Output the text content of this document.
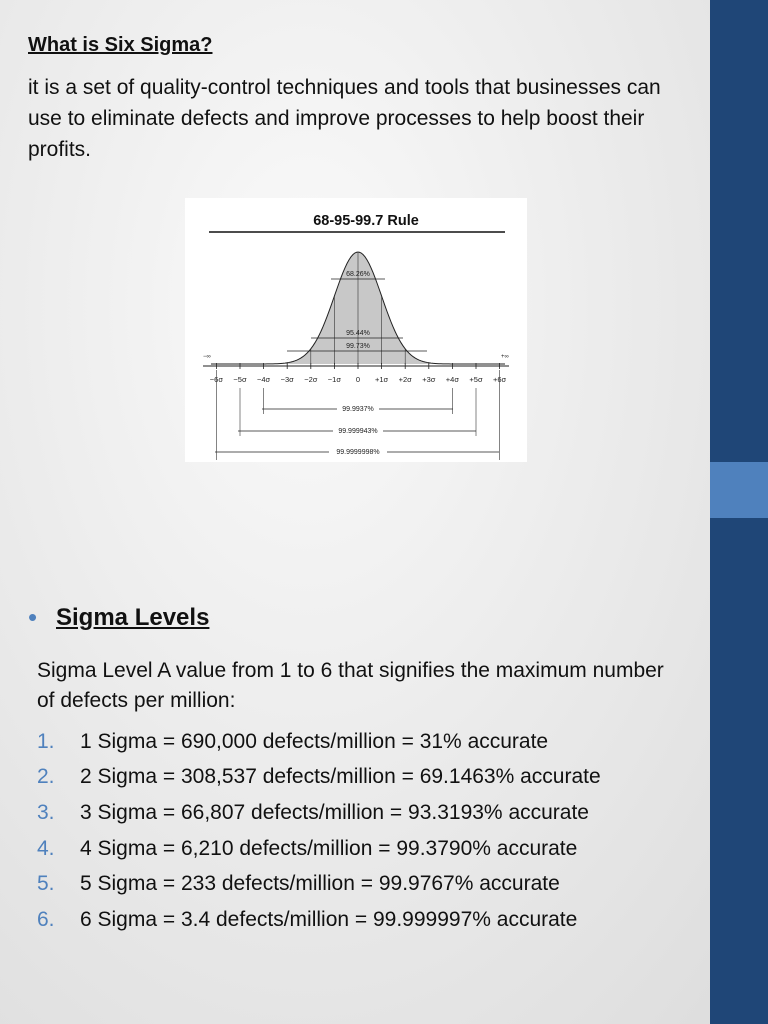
What is Six Sigma?
it is a set of quality-control techniques and tools that businesses can use to eliminate defects and improve processes to help boost their profits.
68-95-99.7 Rule
−∞	+∞
−6σ −5σ −4σ −3σ −2σ −1σ 0 +1σ +2σ +3σ +4σ +5σ +6σ
68.26%
95.44%
99.73%
99.9937%
99.999943%
99.9999998%
• Sigma Levels
Sigma Level A value from 1 to 6 that signifies the maximum number of defects per million:
1.	1 Sigma = 690,000 defects/million = 31% accurate
2.	2 Sigma = 308,537 defects/million = 69.1463% accurate
3.	3 Sigma = 66,807 defects/million = 93.3193% accurate
4.	4 Sigma = 6,210 defects/million = 99.3790% accurate
5.	5 Sigma = 233 defects/million = 99.9767% accurate
6.	6 Sigma = 3.4 defects/million = 99.999997% accurate
